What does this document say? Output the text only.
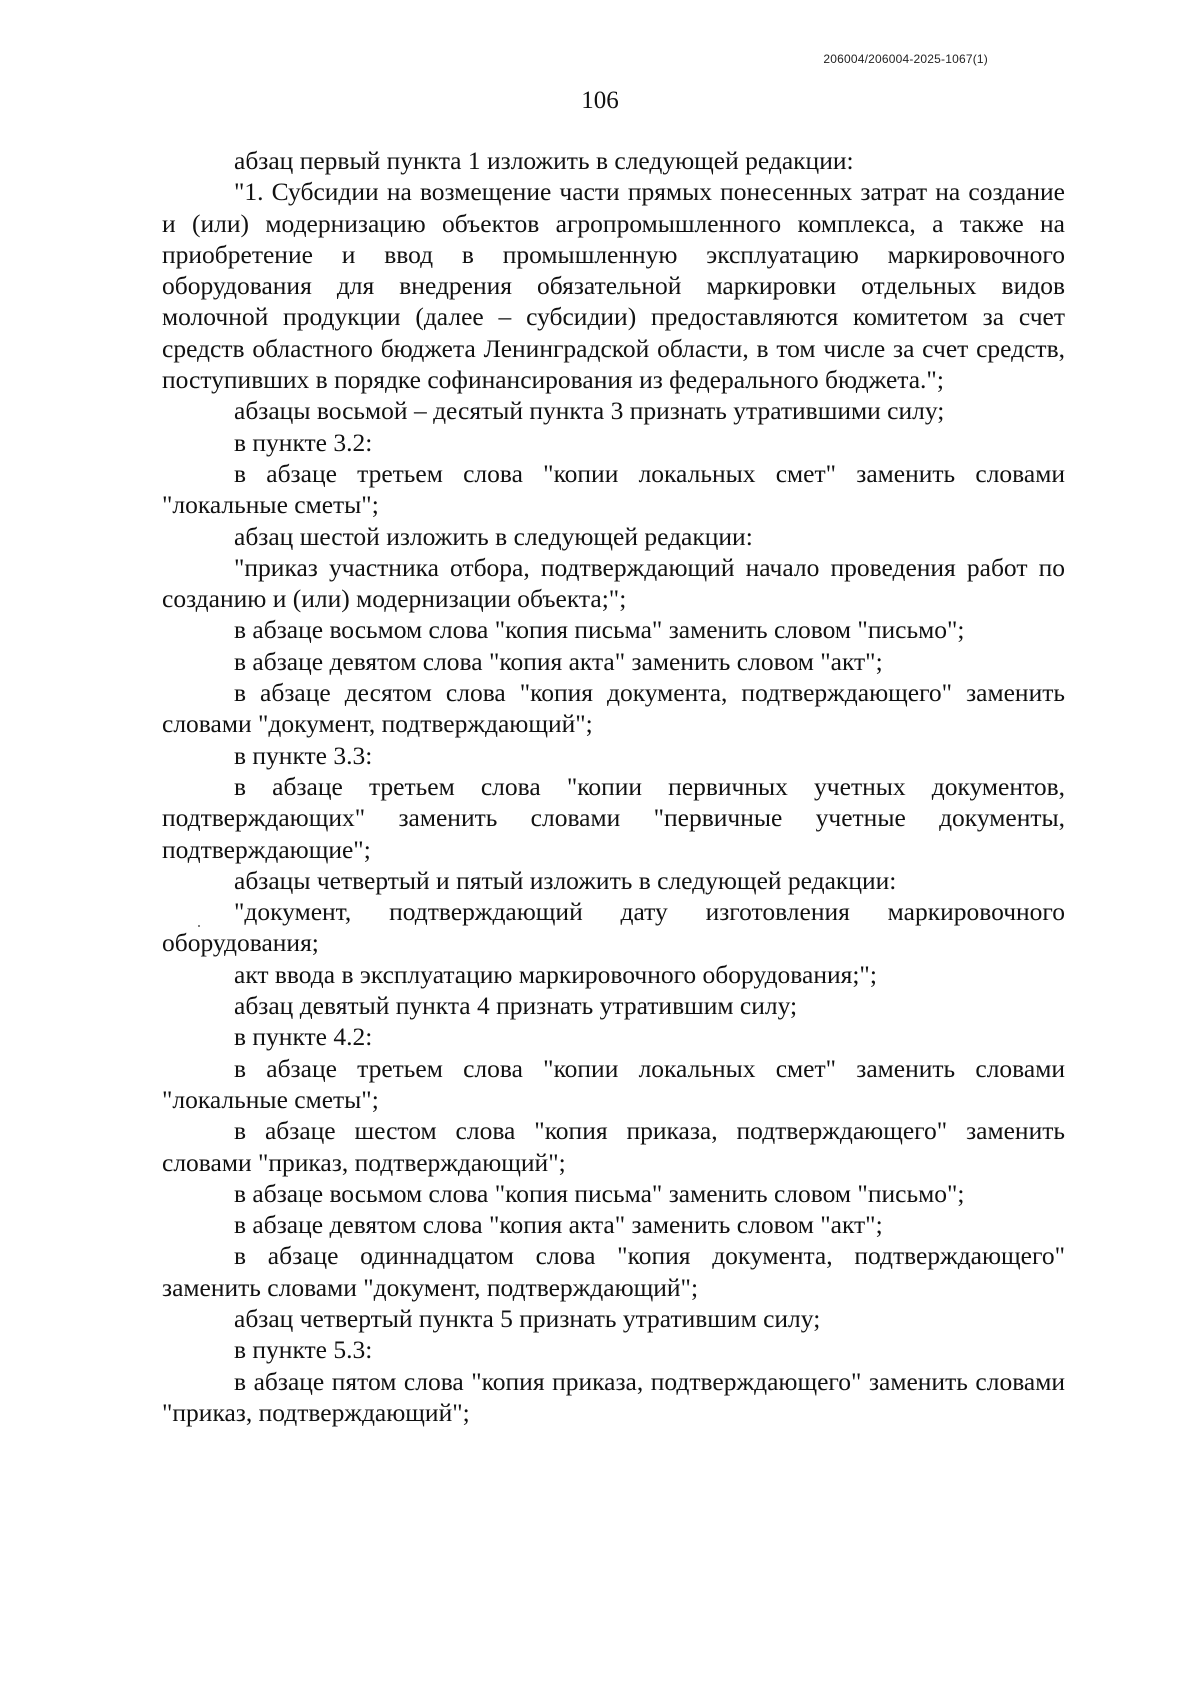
206004/206004-2025-1067(1)
106

абзац первый пункта 1 изложить в следующей редакции:

"1. Субсидии на возмещение части прямых понесенных затрат на создание и (или) модернизацию объектов агропромышленного комплекса, а также на приобретение и ввод в промышленную эксплуатацию маркировочного оборудования для внедрения обязательной маркировки отдельных видов молочной продукции (далее – субсидии) предоставляются комитетом за счет средств областного бюджета Ленинградской области, в том числе за счет средств, поступивших в порядке софинансирования из федерального бюджета.";

абзацы восьмой – десятый пункта 3 признать утратившими силу;

в пункте 3.2:

в абзаце третьем слова "копии локальных смет" заменить словами "локальные сметы";

абзац шестой изложить в следующей редакции:

"приказ участника отбора, подтверждающий начало проведения работ по созданию и (или) модернизации объекта;";

в абзаце восьмом слова "копия письма" заменить словом "письмо";

в абзаце девятом слова "копия акта" заменить словом "акт";

в абзаце десятом слова "копия документа, подтверждающего" заменить словами "документ, подтверждающий";

в пункте 3.3:

в абзаце третьем слова "копии первичных учетных документов, подтверждающих" заменить словами "первичные учетные документы, подтверждающие";

абзацы четвертый и пятый изложить в следующей редакции:

"документ, подтверждающий дату изготовления маркировочного оборудования;

акт ввода в эксплуатацию маркировочного оборудования;";

абзац девятый пункта 4 признать утратившим силу;

в пункте 4.2:

в абзаце третьем слова "копии локальных смет" заменить словами "локальные сметы";

в абзаце шестом слова "копия приказа, подтверждающего" заменить словами "приказ, подтверждающий";

в абзаце восьмом слова "копия письма" заменить словом "письмо";

в абзаце девятом слова "копия акта" заменить словом "акт";

в абзаце одиннадцатом слова "копия документа, подтверждающего" заменить словами "документ, подтверждающий";

абзац четвертый пункта 5 признать утратившим силу;

в пункте 5.3:

в абзаце пятом слова "копия приказа, подтверждающего" заменить словами "приказ, подтверждающий";
